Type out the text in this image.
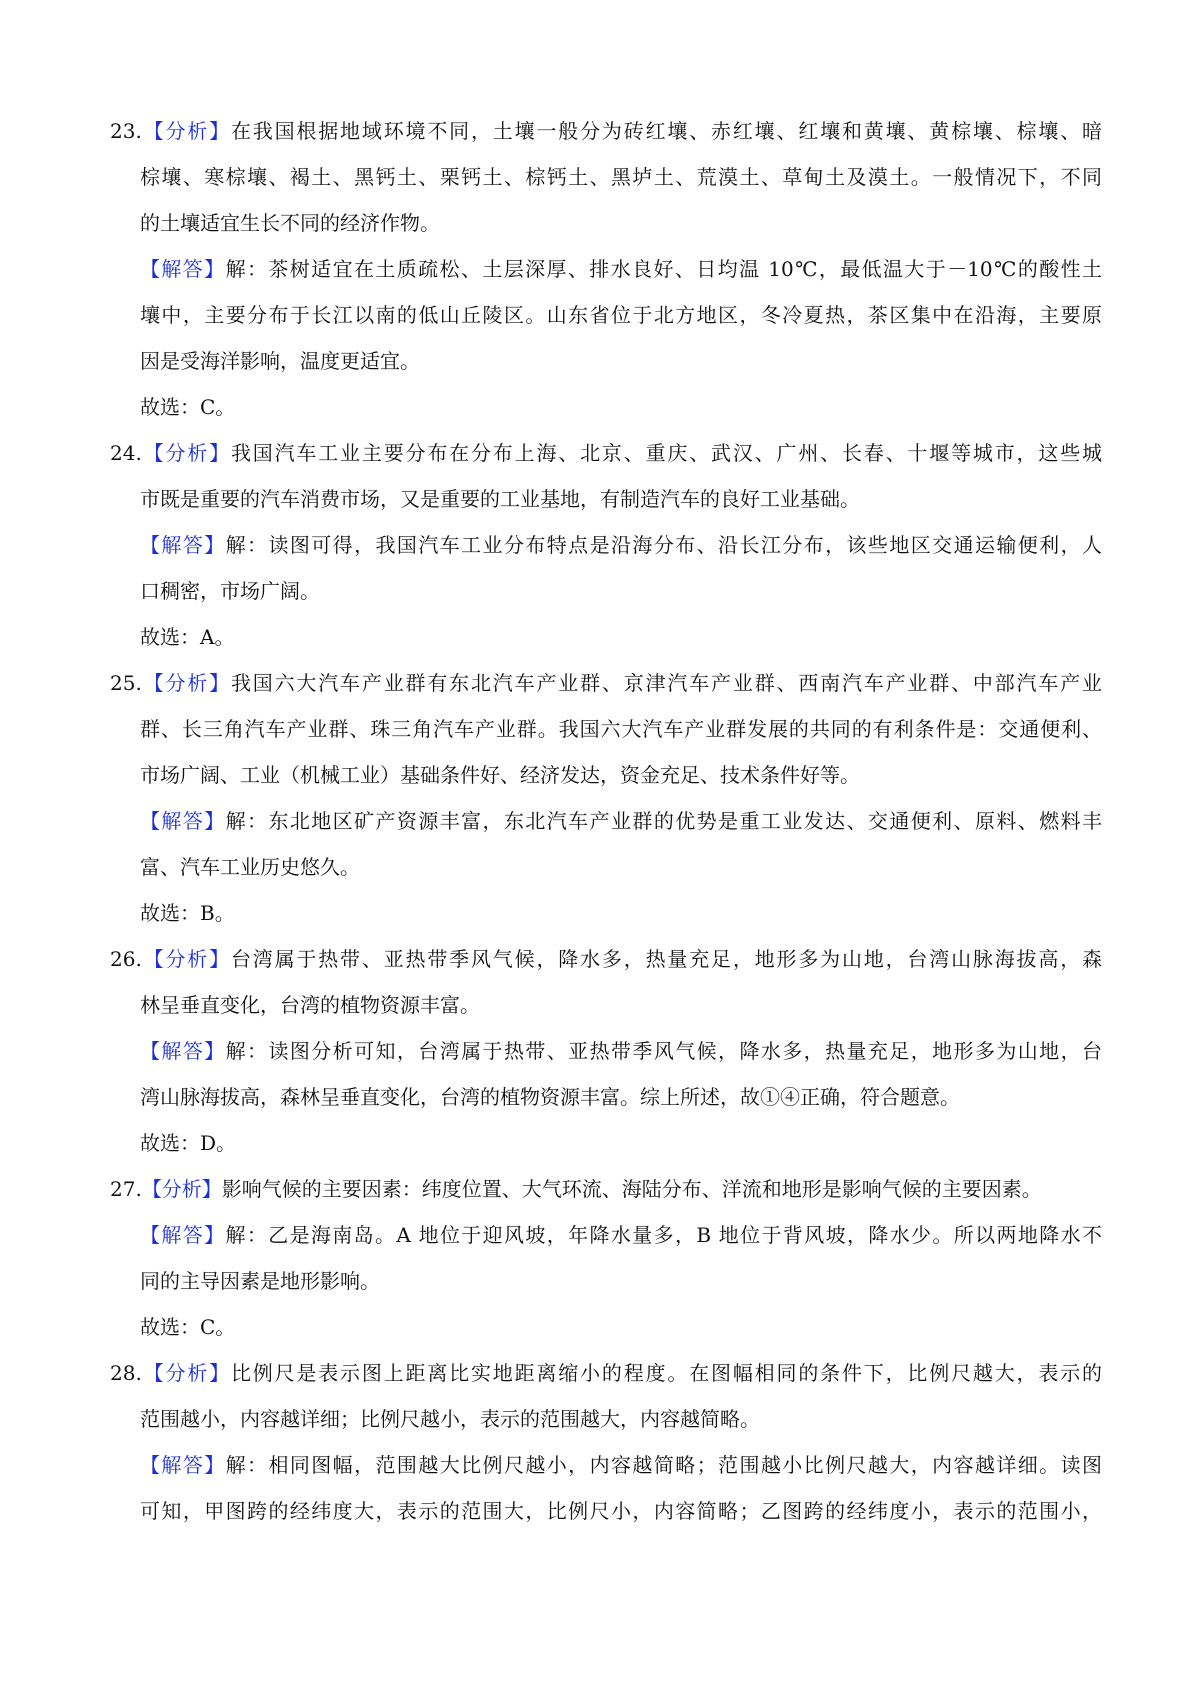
23.【分析】在我国根据地域环境不同，土壤一般分为砖红壤、赤红壤、红壤和黄壤、黄棕壤、棕壤、暗
棕壤、寒棕壤、褐土、黑钙土、栗钙土、棕钙土、黑垆土、荒漠土、草甸土及漠土。一般情况下，不同
的土壤适宜生长不同的经济作物。
【解答】解：茶树适宜在土质疏松、土层深厚、排水良好、日均温 10℃，最低温大于－10℃的酸性土
壤中，主要分布于长江以南的低山丘陵区。山东省位于北方地区，冬冷夏热，茶区集中在沿海，主要原
因是受海洋影响，温度更适宜。
故选：C。
24.【分析】我国汽车工业主要分布在分布上海、北京、重庆、武汉、广州、长春、十堰等城市，这些城
市既是重要的汽车消费市场，又是重要的工业基地，有制造汽车的良好工业基础。
【解答】解：读图可得，我国汽车工业分布特点是沿海分布、沿长江分布，该些地区交通运输便利，人
口稠密，市场广阔。
故选：A。
25.【分析】我国六大汽车产业群有东北汽车产业群、京津汽车产业群、西南汽车产业群、中部汽车产业
群、长三角汽车产业群、珠三角汽车产业群。我国六大汽车产业群发展的共同的有利条件是：交通便利、
市场广阔、工业（机械工业）基础条件好、经济发达，资金充足、技术条件好等。
【解答】解：东北地区矿产资源丰富，东北汽车产业群的优势是重工业发达、交通便利、原料、燃料丰
富、汽车工业历史悠久。
故选：B。
26.【分析】台湾属于热带、亚热带季风气候，降水多，热量充足，地形多为山地，台湾山脉海拔高，森
林呈垂直变化，台湾的植物资源丰富。
【解答】解：读图分析可知，台湾属于热带、亚热带季风气候，降水多，热量充足，地形多为山地，台
湾山脉海拔高，森林呈垂直变化，台湾的植物资源丰富。综上所述，故①④正确，符合题意。
故选：D。
27.【分析】影响气候的主要因素：纬度位置、大气环流、海陆分布、洋流和地形是影响气候的主要因素。
【解答】解：乙是海南岛。A 地位于迎风坡，年降水量多，B 地位于背风坡，降水少。所以两地降水不
同的主导因素是地形影响。
故选：C。
28.【分析】比例尺是表示图上距离比实地距离缩小的程度。在图幅相同的条件下，比例尺越大，表示的
范围越小，内容越详细；比例尺越小，表示的范围越大，内容越简略。
【解答】解：相同图幅，范围越大比例尺越小，内容越简略；范围越小比例尺越大，内容越详细。读图
可知，甲图跨的经纬度大，表示的范围大，比例尺小，内容简略；乙图跨的经纬度小，表示的范围小，
